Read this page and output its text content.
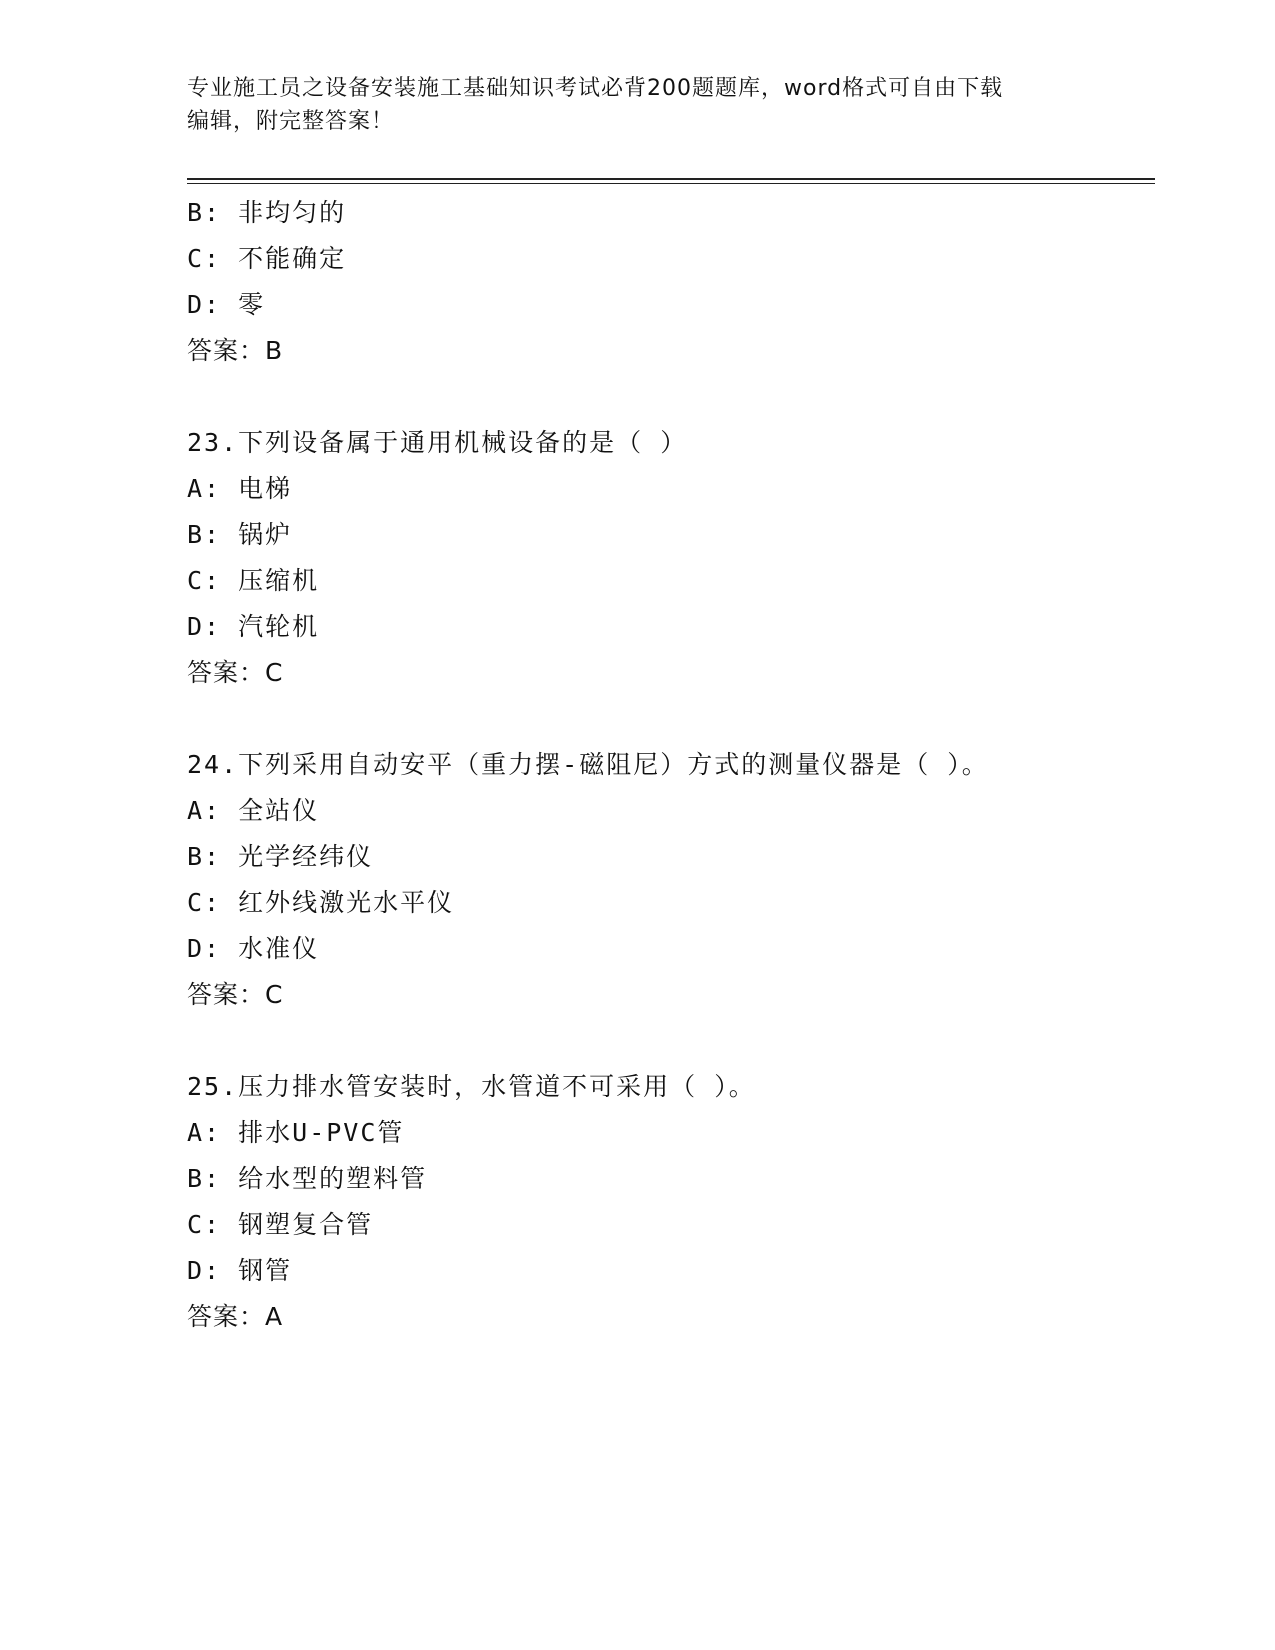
专业施工员之设备安装施工基础知识考试必背200题题库，word格式可自由下载
编辑，附完整答案！
B: 非均匀的
C: 不能确定
D: 零
答案：B
23.下列设备属于通用机械设备的是（ ）
A: 电梯
B: 锅炉
C: 压缩机
D: 汽轮机
答案：C
24.下列采用自动安平（重力摆-磁阻尼）方式的测量仪器是（ ）。
A: 全站仪
B: 光学经纬仪
C: 红外线激光水平仪
D: 水准仪
答案：C
25.压力排水管安装时，水管道不可采用（ ）。
A: 排水U-PVC管
B: 给水型的塑料管
C: 钢塑复合管
D: 钢管
答案：A
